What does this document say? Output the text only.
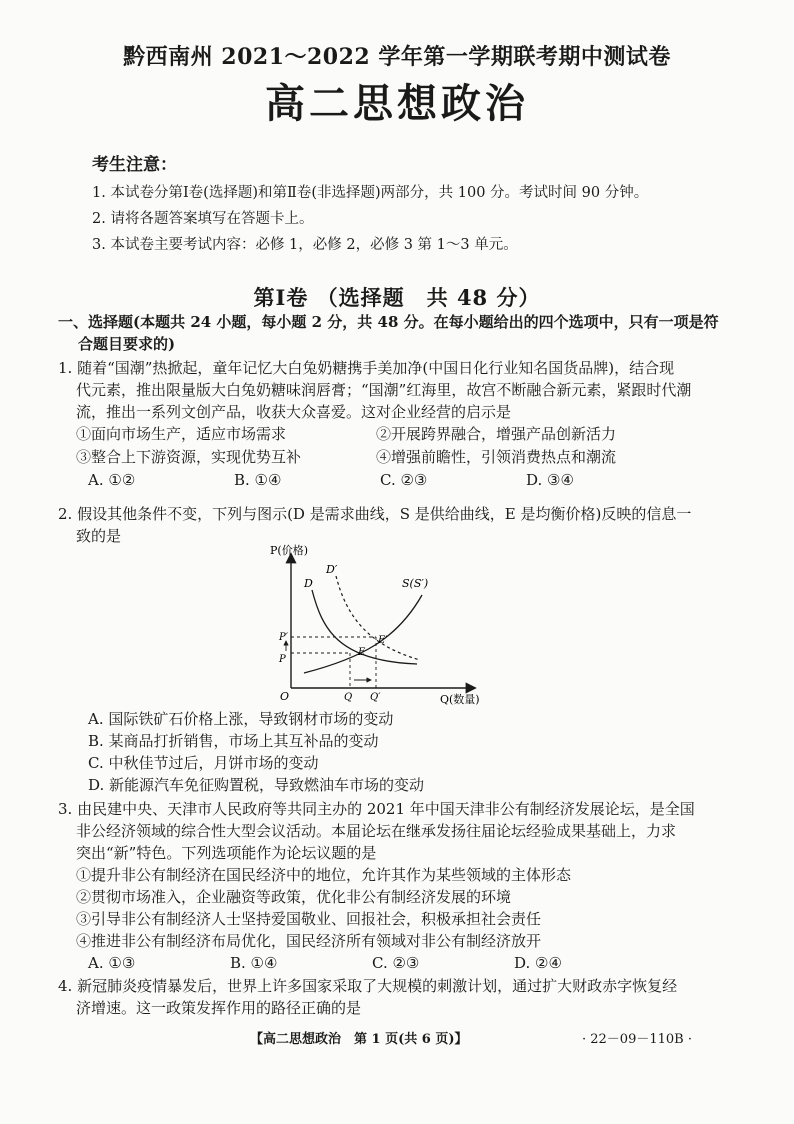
黔西南州 2021～2022 学年第一学期联考期中测试卷
高二思想政治
考生注意：
1. 本试卷分第Ⅰ卷(选择题)和第Ⅱ卷(非选择题)两部分，共 100 分。考试时间 90 分钟。
2. 请将各题答案填写在答题卡上。
3. 本试卷主要考试内容：必修 1，必修 2，必修 3 第 1～3 单元。
第Ⅰ卷 （选择题　共 48 分）
一、选择题(本题共 24 小题，每小题 2 分，共 48 分。在每小题给出的四个选项中，只有一项是符
合题目要求的)
1. 随着“国潮”热掀起，童年记忆大白兔奶糖携手美加净(中国日化行业知名国货品牌)，结合现
代元素，推出限量版大白兔奶糖味润唇膏；“国潮”红海里，故宫不断融合新元素，紧跟时代潮
流，推出一系列文创产品，收获大众喜爱。这对企业经营的启示是
①面向市场生产，适应市场需求	②开展跨界融合，增强产品创新活力
③整合上下游资源，实现优势互补	④增强前瞻性，引领消费热点和潮流
A. ①②	B. ①④	C. ②③	D. ③④
2. 假设其他条件不变，下列与图示(D 是需求曲线，S 是供给曲线，E 是均衡价格)反映的信息一
致的是
P(价格)
Q(数量)
O
D
D′
S(S′)
E
E′
P′
P
Q Q′
A. 国际铁矿石价格上涨，导致钢材市场的变动
B. 某商品打折销售，市场上其互补品的变动
C. 中秋佳节过后，月饼市场的变动
D. 新能源汽车免征购置税，导致燃油车市场的变动
3. 由民建中央、天津市人民政府等共同主办的 2021 年中国天津非公有制经济发展论坛，是全国
非公经济领域的综合性大型会议活动。本届论坛在继承发扬往届论坛经验成果基础上，力求
突出“新”特色。下列选项能作为论坛议题的是
①提升非公有制经济在国民经济中的地位，允许其作为某些领域的主体形态
②贯彻市场准入，企业融资等政策，优化非公有制经济发展的环境
③引导非公有制经济人士坚持爱国敬业、回报社会，积极承担社会责任
④推进非公有制经济布局优化，国民经济所有领域对非公有制经济放开
A. ①③	B. ①④	C. ②③	D. ②④
4. 新冠肺炎疫情暴发后，世界上许多国家采取了大规模的刺激计划，通过扩大财政赤字恢复经
济增速。这一政策发挥作用的路径正确的是
【高二思想政治　第 1 页(共 6 页)】	· 22－09－110B ·
